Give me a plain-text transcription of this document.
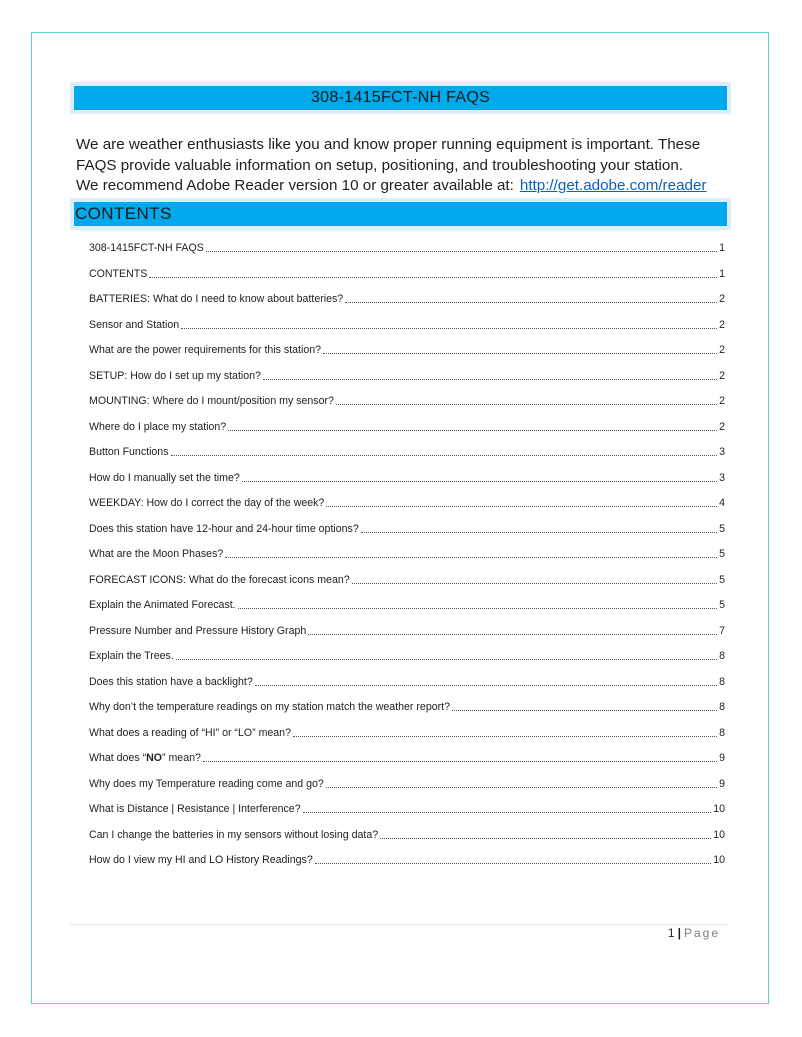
308-1415FCT-NH FAQS
We are weather enthusiasts like you and know proper running equipment is important. These
FAQS provide valuable information on setup, positioning, and troubleshooting your station.
We recommend Adobe Reader version 10 or greater available at: http://get.adobe.com/reader
CONTENTS
308-1415FCT-NH FAQS	1
CONTENTS	1
BATTERIES: What do I need to know about batteries?	2
Sensor and Station	2
What are the power requirements for this station?	2
SETUP: How do I set up my station?	2
MOUNTING: Where do I mount/position my sensor?	2
Where do I place my station?	2
Button Functions	3
How do I manually set the time?	3
WEEKDAY: How do I correct the day of the week?	4
Does this station have 12-hour and 24-hour time options?	5
What are the Moon Phases?	5
FORECAST ICONS: What do the forecast icons mean?	5
Explain the Animated Forecast.	5
Pressure Number and Pressure History Graph	7
Explain the Trees.	8
Does this station have a backlight?	8
Why don’t the temperature readings on my station match the weather report?	8
What does a reading of “HI” or “LO” mean?	8
What does “NO” mean?	9
Why does my Temperature reading come and go?	9
What is Distance | Resistance | Interference?	10
Can I change the batteries in my sensors without losing data?	10
How do I view my HI and LO History Readings?	10
1 | Page
